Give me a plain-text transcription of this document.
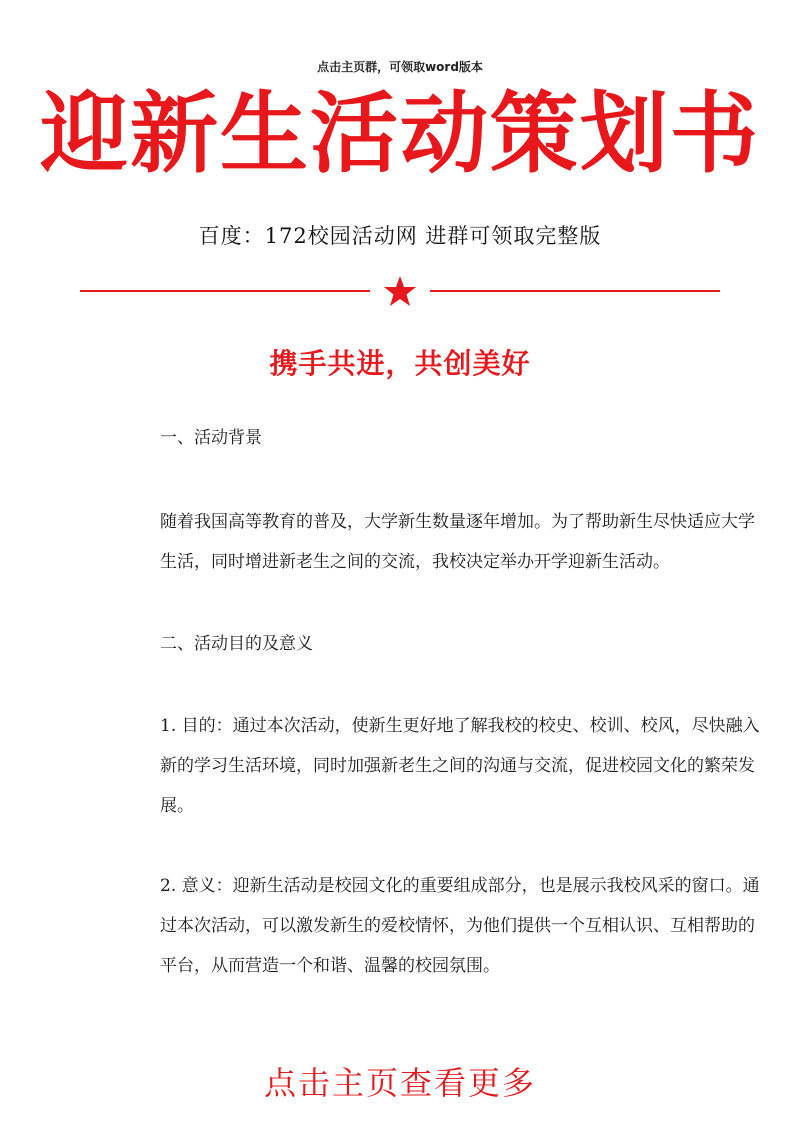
点击主页群，可领取word版本
迎新生活动策划书
百度：172校园活动网 进群可领取完整版
携手共进，共创美好
一、活动背景

随着我国高等教育的普及，大学新生数量逐年增加。为了帮助新生尽快适应大学生活，同时增进新老生之间的交流，我校决定举办开学迎新生活动。

二、活动目的及意义

1. 目的：通过本次活动，使新生更好地了解我校的校史、校训、校风，尽快融入新的学习生活环境，同时加强新老生之间的沟通与交流，促进校园文化的繁荣发展。

2. 意义：迎新生活动是校园文化的重要组成部分，也是展示我校风采的窗口。通过本次活动，可以激发新生的爱校情怀，为他们提供一个互相认识、互相帮助的平台，从而营造一个和谐、温馨的校园氛围。

点击主页查看更多
